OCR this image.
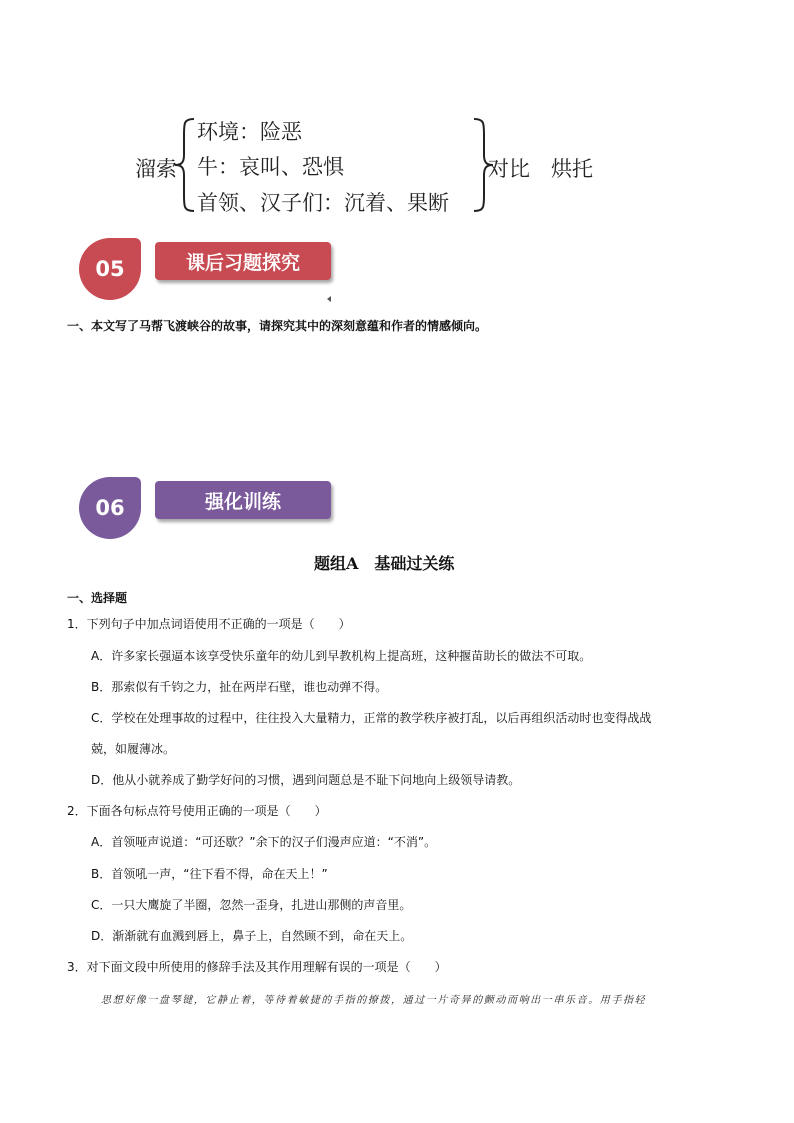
溜索
环境：险恶
牛：哀叫、恐惧
首领、汉子们：沉着、果断
对比　烘托
05	课后习题探究
一、本文写了马帮飞渡峡谷的故事，请探究其中的深刻意蕴和作者的情感倾向。
06	强化训练
题组A　基础过关练
一、选择题
1．下列句子中加点词语使用不正确的一项是（　　）
A．许多家长强逼本该享受快乐童年的幼儿到早教机构上提高班，这种揠苗助长的做法不可取。
B．那索似有千钧之力，扯在两岸石壁，谁也动弹不得。
C．学校在处理事故的过程中，往往投入大量精力，正常的教学秩序被打乱，以后再组织活动时也变得战战
兢，如履薄冰。
D．他从小就养成了勤学好问的习惯，遇到问题总是不耻下问地向上级领导请教。
2．下面各句标点符号使用正确的一项是（　　）
A．首领哑声说道：“可还歇？”余下的汉子们漫声应道：“不消”。
B．首领吼一声，“往下看不得，命在天上！”
C．一只大鹰旋了半圈，忽然一歪身，扎进山那侧的声音里。
D．渐渐就有血溅到唇上，鼻子上，自然顾不到，命在天上。
3．对下面文段中所使用的修辞手法及其作用理解有误的一项是（　　）
思想好像一盘琴键，它静止着，等待着敏捷的手指的撩拨，通过一片奇异的颤动而响出一串乐音。用手指轻
